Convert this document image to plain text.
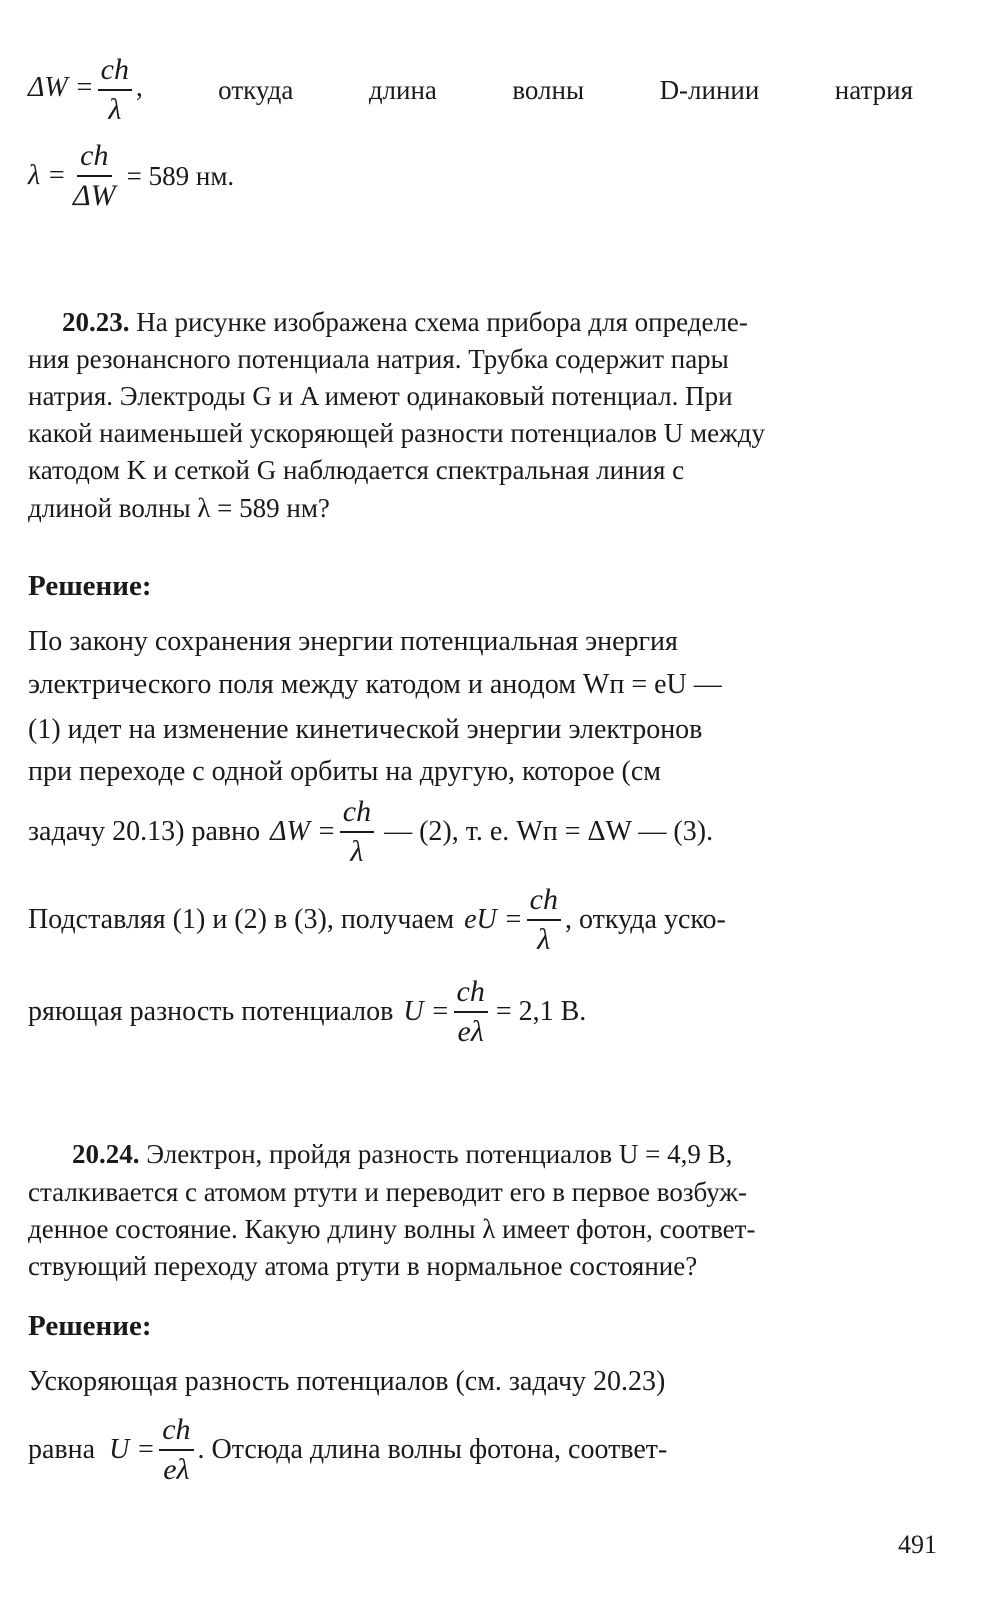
$\Delta W = \frac{ch}{\lambda}$ ,	откуда	длина	волны	D-линии	натрия
$\lambda = \frac{ch}{\Delta W} = 589$ нм.
20.23. На рисунке изображена схема прибора для определе-
ния резонансного потенциала натрия. Трубка содержит пары
натрия. Электроды G и A имеют одинаковый потенциал. При
какой наименьшей ускоряющей разности потенциалов U между
катодом K и сеткой G наблюдается спектральная линия с
длиной волны λ = 589 нм?
Решение:
По закону сохранения энергии потенциальная энергия
электрического поля между катодом и анодом Wп = eU —
(1) идет на изменение кинетической энергии электронов
при переходе с одной орбиты на другую, которое (см
задачу 20.13) равно $\Delta W = \frac{ch}{\lambda}$ — (2), т. е. Wп = ΔW — (3).
Подставляя (1) и (2) в (3), получаем eU = $\frac{ch}{\lambda}$ , откуда уско-
ряющая разность потенциалов $U = \frac{ch}{e\lambda} = 2,1$ В.
20.24. Электрон, пройдя разность потенциалов U = 4,9 В,
сталкивается с атомом ртути и переводит его в первое возбуж-
денное состояние. Какую длину волны λ имеет фотон, соответ-
ствующий переходу атома ртути в нормальное состояние?
Решение:
Ускоряющая разность потенциалов (см. задачу 20.23)
равна $U = \frac{ch}{e\lambda}$ . Отсюда длина волны фотона, соответ-
491
